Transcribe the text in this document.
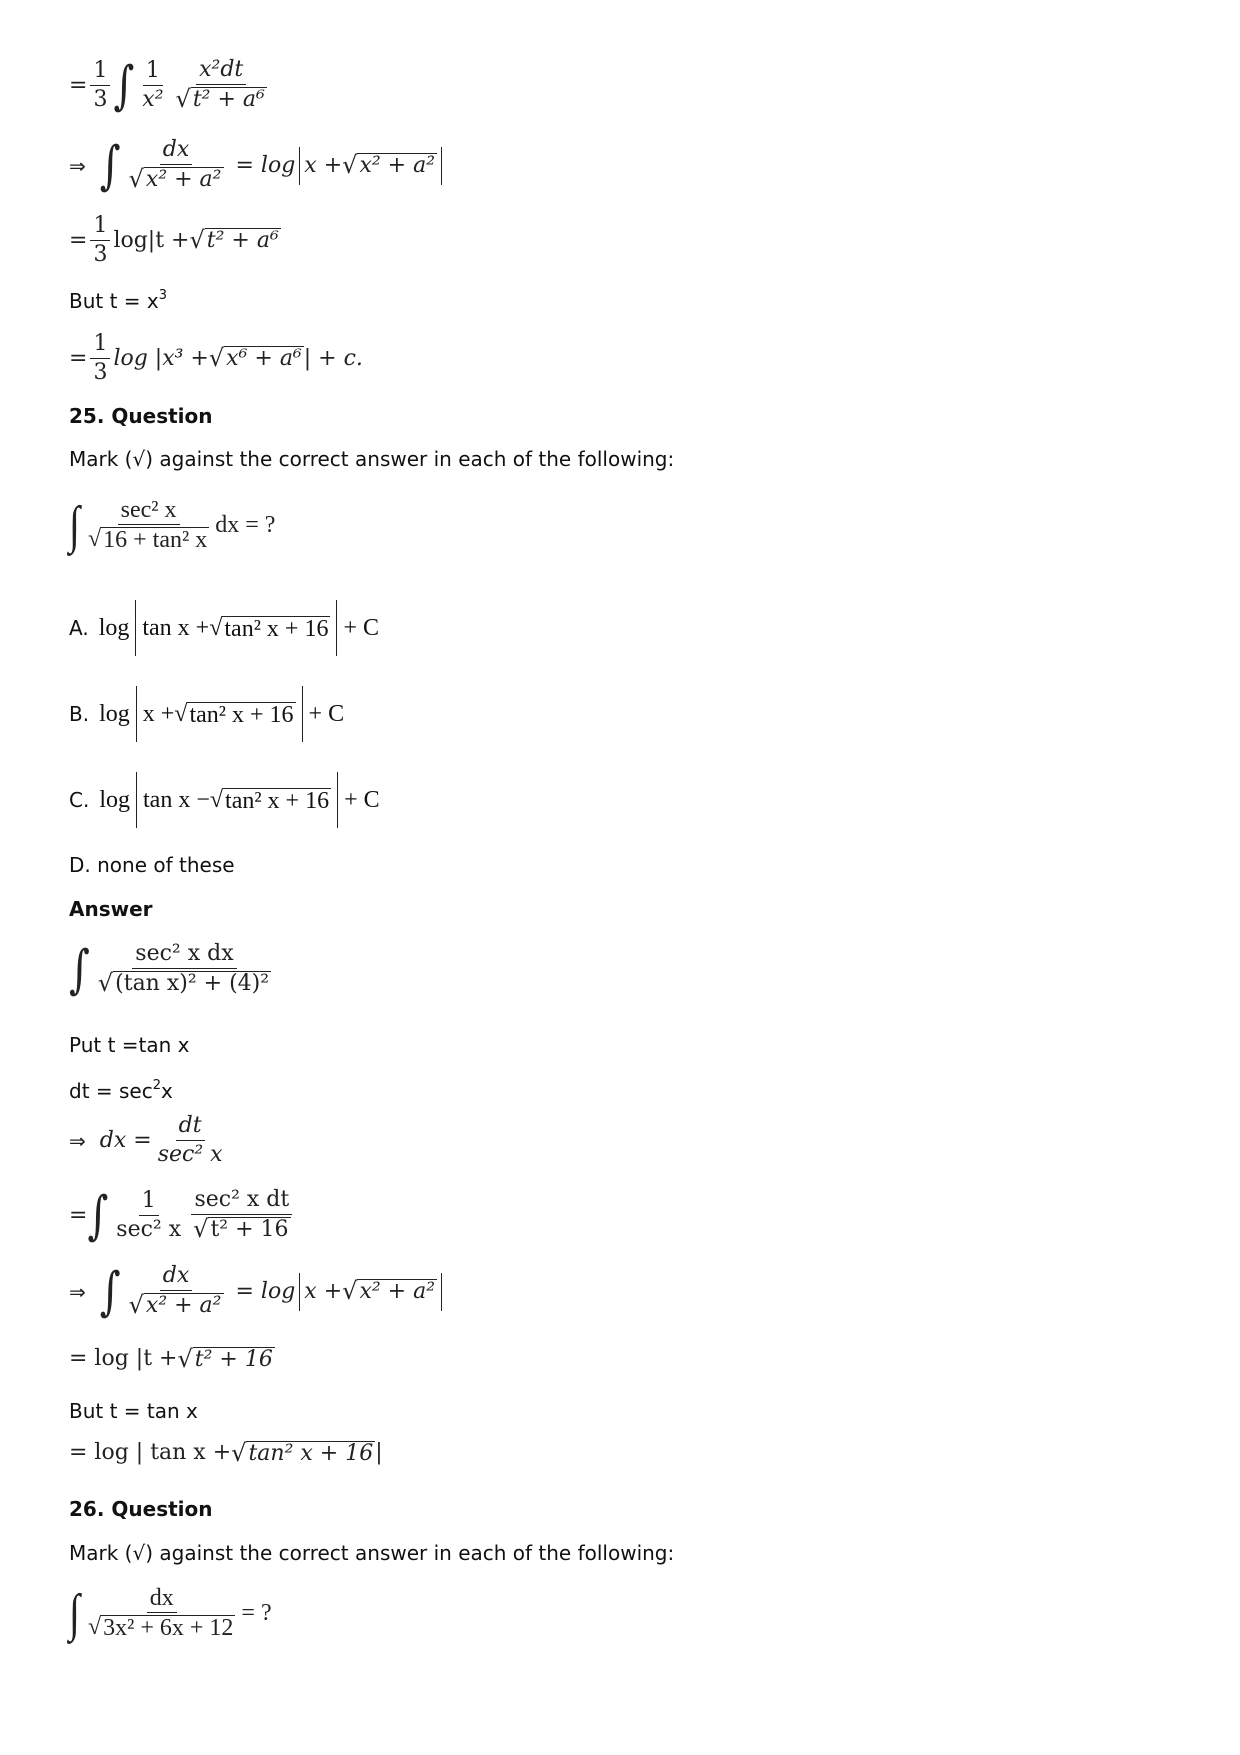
= $\frac{1}{3}$ ∫ $\frac{1}{\text{x²}} \frac{\text{x²dt}}{\text{√ t² + a⁶}}$
⇒ ∫ $\frac{dx}{\text{√ x² + a²}} = \log x$ + √ x² + a²
= $\frac{1}{3} \log|t$ + √ t² + a⁶
But $t = x^3$
= $\frac{1}{3}$ log |x³ + √ x⁶ + a⁶ | + c.
25. Question
Mark (√) against the correct answer in each of the following:
∫ $\frac{\text{sec² x}}{\text{√ 16 + tan² x}}$ dx = ?
A. log tan x + √ tan² x + 16 + C
B. log x + √ tan² x + 16 + C
C. log tan x − √ tan² x + 16 + C
D. none of these
Answer
∫ $\frac{\text{sec² x dx}}{\text{√ (tan x)² + (4)²}}$
Put t =tan x
dt = $\sec^2x$
⇒ dx = $\frac{dt}{\text{sec² x}}$
= ∫ $\frac{1}{\text{sec² x}} \frac{\text{sec² x dt}}{\text{√ t² + 16}}$
⇒ ∫ $\frac{dx}{\text{√ x² + a²}} = \log x$ + √ x² + a²
= log |t + √ t² + 16
But t = tan x
= log | tan x + √ tan² x + 16 |
26. Question
Mark (√) against the correct answer in each of the following:
∫ $\frac{dx}{\text{√ 3x² + 6x + 12}}$ = ?
